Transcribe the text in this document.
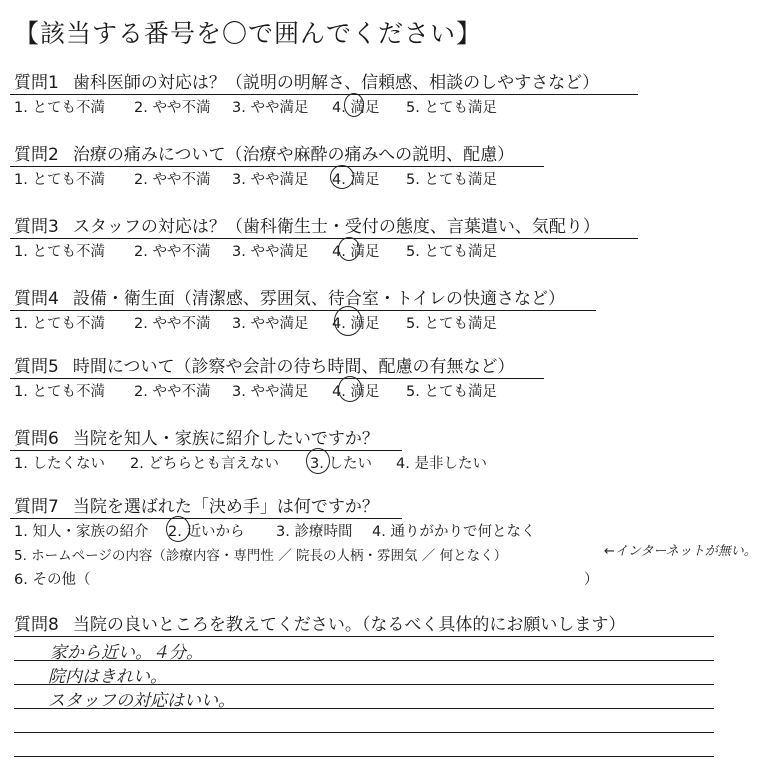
【該当する番号を〇で囲んでください】
質問1 歯科医師の対応は？（説明の明解さ、信頼感、相談のしやすさなど）
1. とても不満 2. やや不満 3. やや満足 4. 満足 5. とても満足
質問2 治療の痛みについて（治療や麻酔の痛みへの説明、配慮）
1. とても不満 2. やや不満 3. やや満足 4. 満足 5. とても満足
質問3 スタッフの対応は？（歯科衛生士・受付の態度、言葉遣い、気配り）
1. とても不満 2. やや不満 3. やや満足 4. 満足 5. とても満足
質問4 設備・衛生面（清潔感、雰囲気、待合室・トイレの快適さなど）
1. とても不満 2. やや不満 3. やや満足 4. 満足 5. とても満足
質問5 時間について（診察や会計の待ち時間、配慮の有無など）
1. とても不満 2. やや不満 3. やや満足 4. 満足 5. とても満足
質問6 当院を知人・家族に紹介したいですか？
1. したくない 2. どちらとも言えない 3. したい 4. 是非したい
質問7 当院を選ばれた「決め手」は何ですか？
1. 知人・家族の紹介 2. 近いから 3. 診療時間 4. 通りがかりで何となく
5. ホームページの内容（診療内容・専門性 ／ 院長の人柄・雰囲気 ／ 何となく）	←インターネットが無い。
6. その他（	）
質問8 当院の良いところを教えてください。（なるべく具体的にお願いします）
家から近い。４分。
院内はきれい。
スタッフの対応はいい。
